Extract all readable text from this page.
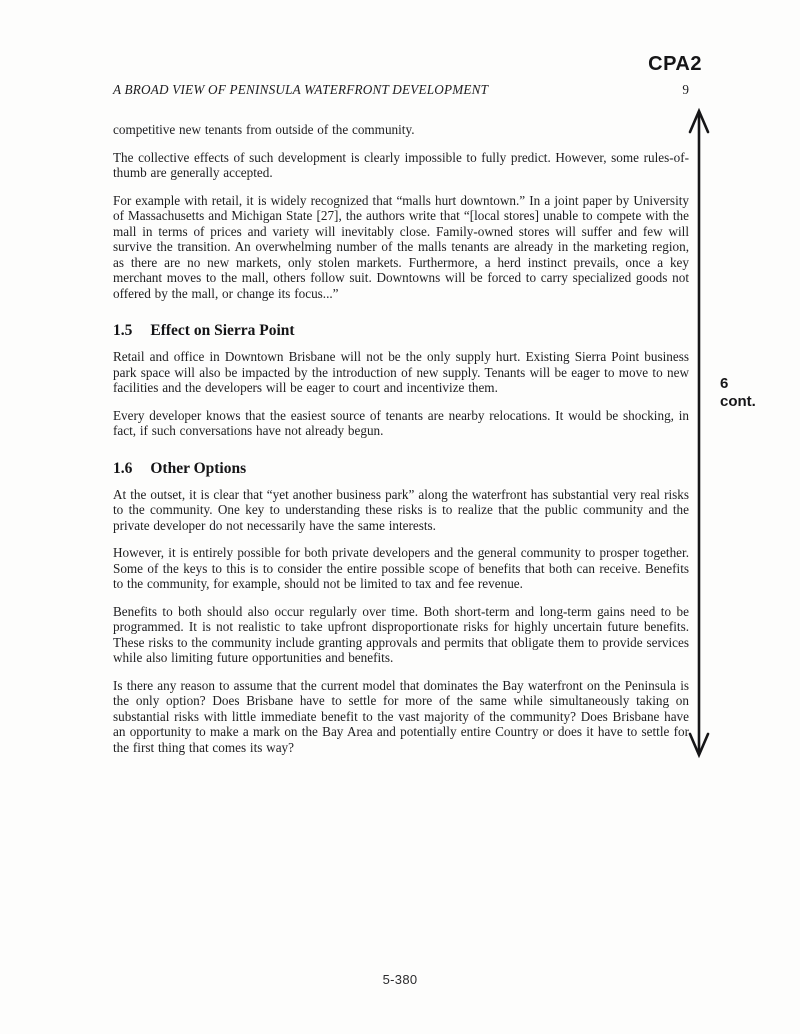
CPA2
A BROAD VIEW OF PENINSULA WATERFRONT DEVELOPMENT	9

competitive new tenants from outside of the community.

The collective effects of such development is clearly impossible to fully predict. However, some rules-of-thumb are generally accepted.

For example with retail, it is widely recognized that “malls hurt downtown.” In a joint paper by University of Massachusetts and Michigan State [27], the authors write that “[local stores] unable to compete with the mall in terms of prices and variety will inevitably close. Family-owned stores will suffer and few will survive the transition. An overwhelming number of the malls tenants are already in the marketing region, as there are no new markets, only stolen markets. Furthermore, a herd instinct prevails, once a key merchant moves to the mall, others follow suit. Downtowns will be forced to carry specialized goods not offered by the mall, or change its focus...”

1.5 Effect on Sierra Point

Retail and office in Downtown Brisbane will not be the only supply hurt. Existing Sierra Point business park space will also be impacted by the introduction of new supply. Tenants will be eager to move to new facilities and the developers will be eager to court and incentivize them.

Every developer knows that the easiest source of tenants are nearby relocations. It would be shocking, in fact, if such conversations have not already begun.

1.6 Other Options

At the outset, it is clear that “yet another business park” along the waterfront has substantial very real risks to the community. One key to understanding these risks is to realize that the public community and the private developer do not necessarily have the same interests.

However, it is entirely possible for both private developers and the general community to prosper together. Some of the keys to this is to consider the entire possible scope of benefits that both can receive. Benefits to the community, for example, should not be limited to tax and fee revenue.

Benefits to both should also occur regularly over time. Both short-term and long-term gains need to be programmed. It is not realistic to take upfront disproportionate risks for highly uncertain future benefits. These risks to the community include granting approvals and permits that obligate them to provide services while also limiting future opportunities and benefits.

Is there any reason to assume that the current model that dominates the Bay waterfront on the Peninsula is the only option? Does Brisbane have to settle for more of the same while simultaneously taking on substantial risks with little immediate benefit to the vast majority of the community? Does Brisbane have an opportunity to make a mark on the Bay Area and potentially entire Country or does it have to settle for the first thing that comes its way?

6
cont.
5-380
